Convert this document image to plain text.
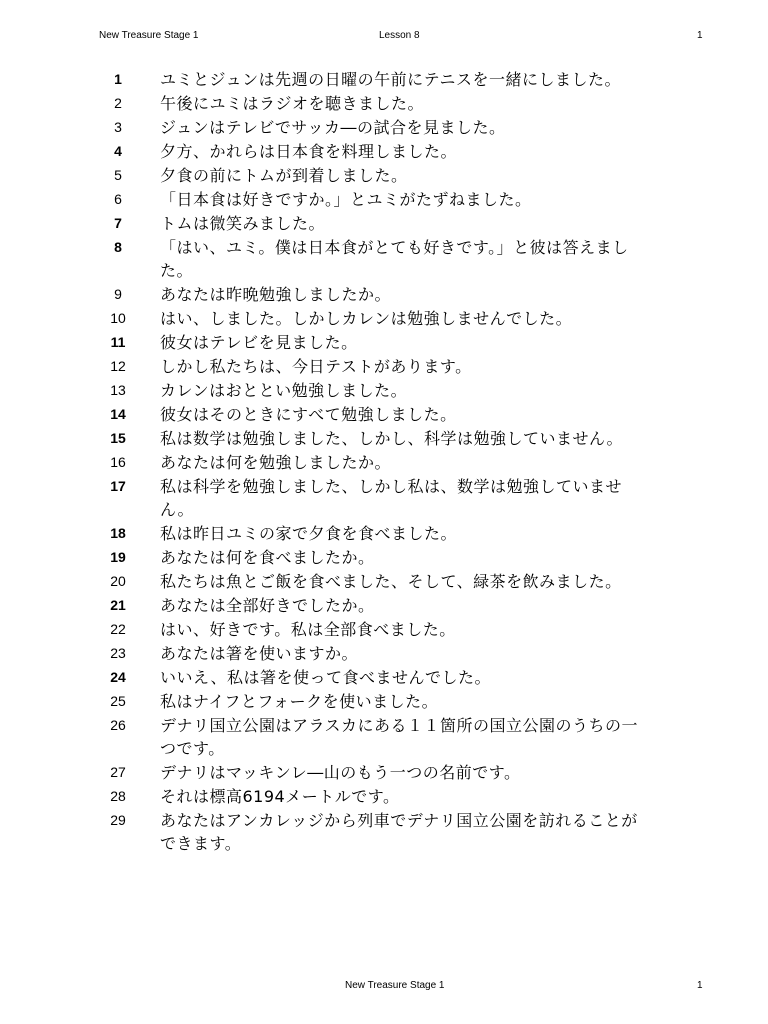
New Treasure Stage 1	Lesson 8	1
1	ユミとジュンは先週の日曜の午前にテニスを一緒にしました。
2	午後にユミはラジオを聴きました。
3	ジュンはテレビでサッカ―の試合を見ました。
4	夕方、かれらは日本食を料理しました。
5	夕食の前にトムが到着しました。
6	「日本食は好きですか。」とユミがたずねました。
7	トムは微笑みました。
8	「はい、ユミ。僕は日本食がとても好きです。」と彼は答えました。
9	あなたは昨晩勉強しましたか。
10	はい、しました。しかしカレンは勉強しませんでした。
11	彼女はテレビを見ました。
12	しかし私たちは、今日テストがあります。
13	カレンはおととい勉強しました。
14	彼女はそのときにすべて勉強しました。
15	私は数学は勉強しました、しかし、科学は勉強していません。
16	あなたは何を勉強しましたか。
17	私は科学を勉強しました、しかし私は、数学は勉強していません。
18	私は昨日ユミの家で夕食を食べました。
19	あなたは何を食べましたか。
20	私たちは魚とご飯を食べました、そして、緑茶を飲みました。
21	あなたは全部好きでしたか。
22	はい、好きです。私は全部食べました。
23	あなたは箸を使いますか。
24	いいえ、私は箸を使って食べませんでした。
25	私はナイフとフォークを使いました。
26	デナリ国立公園はアラスカにある１１箇所の国立公園のうちの一つです。
27	デナリはマッキンレ―山のもう一つの名前です。
28	それは標高6194メートルです。
29	あなたはアンカレッジから列車でデナリ国立公園を訪れることができます。
New Treasure Stage 1	1
